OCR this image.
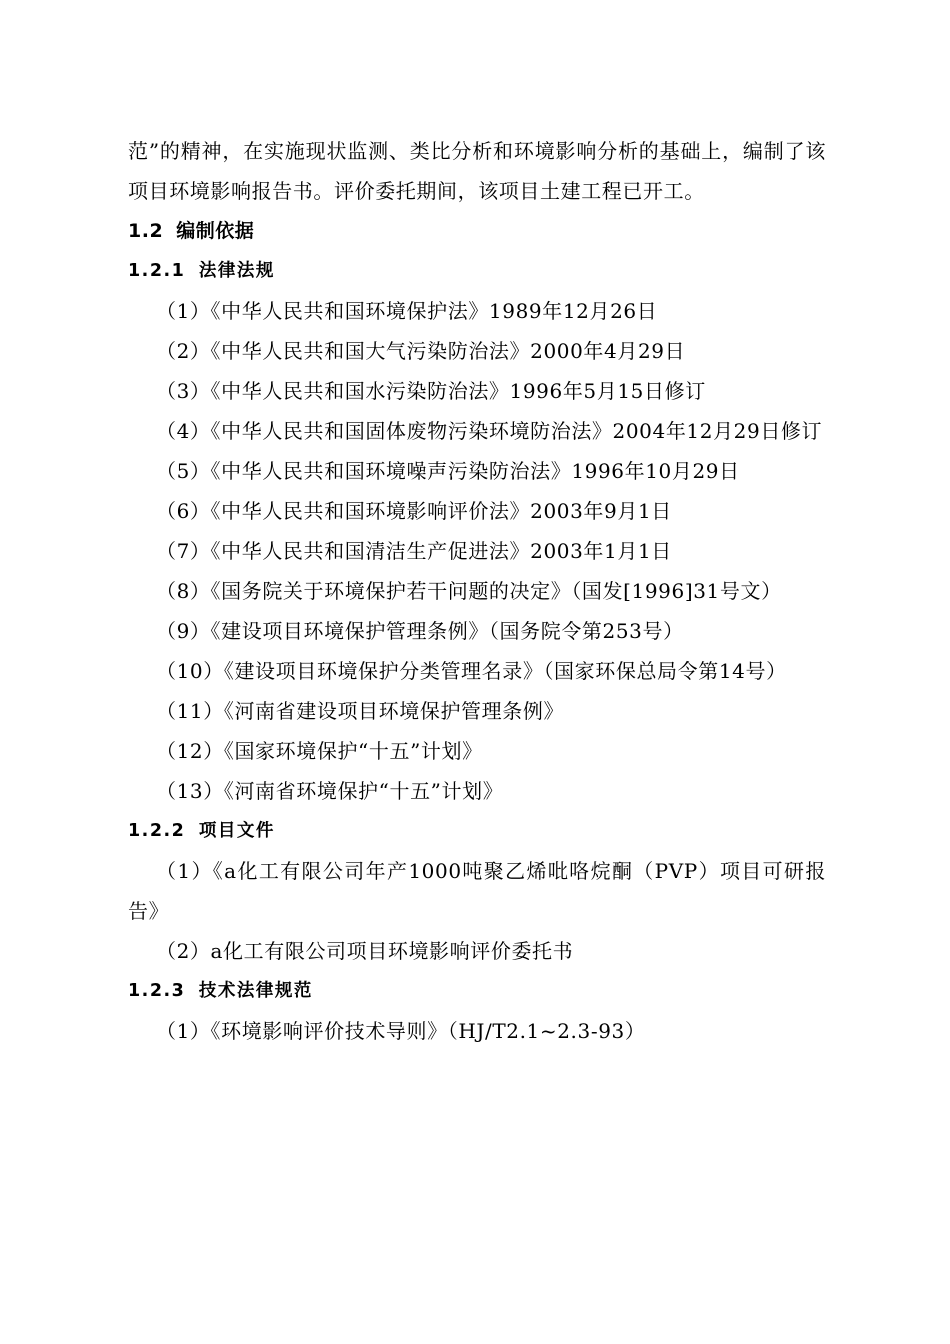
范”的精神，在实施现状监测、类比分析和环境影响分析的基础上，编制了该项目环境影响报告书。评价委托期间，该项目土建工程已开工。

1.2 编制依据
1.2.1 法律法规

（1）《中华人民共和国环境保护法》1989年12月26日

（2）《中华人民共和国大气污染防治法》2000年4月29日

（3）《中华人民共和国水污染防治法》1996年5月15日修订

（4）《中华人民共和国固体废物污染环境防治法》2004年12月29日修订

（5）《中华人民共和国环境噪声污染防治法》1996年10月29日

（6）《中华人民共和国环境影响评价法》2003年9月1日

（7）《中华人民共和国清洁生产促进法》2003年1月1日

（8）《国务院关于环境保护若干问题的决定》（国发[1996]31号文）

（9）《建设项目环境保护管理条例》（国务院令第253号）

（10）《建设项目环境保护分类管理名录》（国家环保总局令第14号）

（11）《河南省建设项目环境保护管理条例》

（12）《国家环境保护“十五”计划》

（13）《河南省环境保护“十五”计划》

1.2.2 项目文件

（1）《a化工有限公司年产1000吨聚乙烯吡咯烷酮（PVP）项目可研报告》

（2）a化工有限公司项目环境影响评价委托书

1.2.3 技术法律规范

（1）《环境影响评价技术导则》（HJ/T2.1~2.3-93）
